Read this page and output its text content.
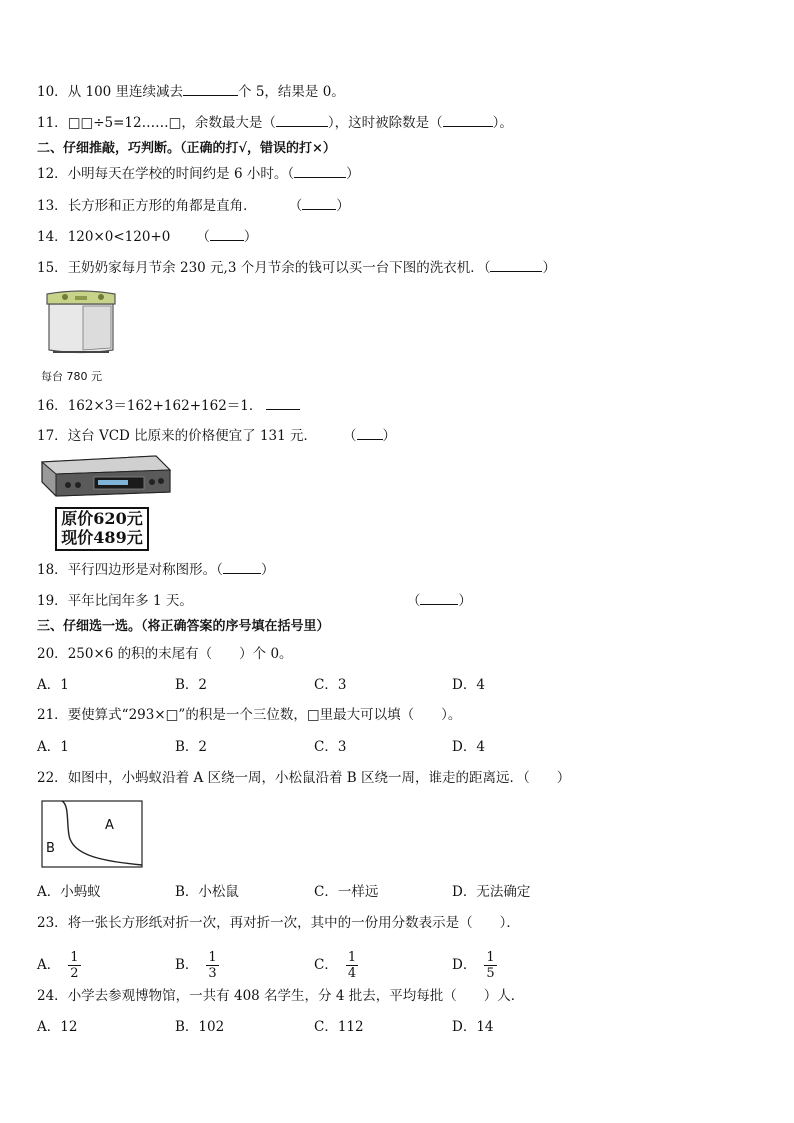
10．从 100 里连续减去	个 5，结果是 0。
11．□□÷5=12……□，余数最大是（	），这时被除数是（	）。
二、仔细推敲，巧判断。（正确的打√，错误的打×）
12．小明每天在学校的时间约是 6 小时。（	）
13．长方形和正方形的角都是直角． （	）
14．120×0<120+0 （	）
15．王奶奶家每月节余 230 元,3 个月节余的钱可以买一台下图的洗衣机．（	）
每台 780 元
16．162×3＝162+162+162＝1．
17．这台 VCD 比原来的价格便宜了 131 元． （ ）
原价620元
现价489元
18．平行四边形是对称图形。（	）
19．平年比闰年多 1 天。	（	）
三、仔细选一选。（将正确答案的序号填在括号里）
20．250×6 的积的末尾有（　　）个 0。
A．1	B．2	C．3	D．4
21．要使算式“293×□”的积是一个三位数，□里最大可以填（　　）。
A．1	B．2	C．3	D．4
22．如图中，小蚂蚁沿着 A 区绕一周，小松鼠沿着 B 区绕一周，谁走的距离远．（　　）
A
B
A．小蚂蚁	B．小松鼠	C．一样远	D．无法确定
23．将一张长方形纸对折一次，再对折一次，其中的一份用分数表示是（　　）．
A． $\frac{1}{2}$	B． $\frac{1}{3}$	C． $\frac{1}{4}$	D． $\frac{1}{5}$
24．小学去参观博物馆，一共有 408 名学生，分 4 批去，平均每批（　　）人．
A．12	B．102	C．112	D．14
